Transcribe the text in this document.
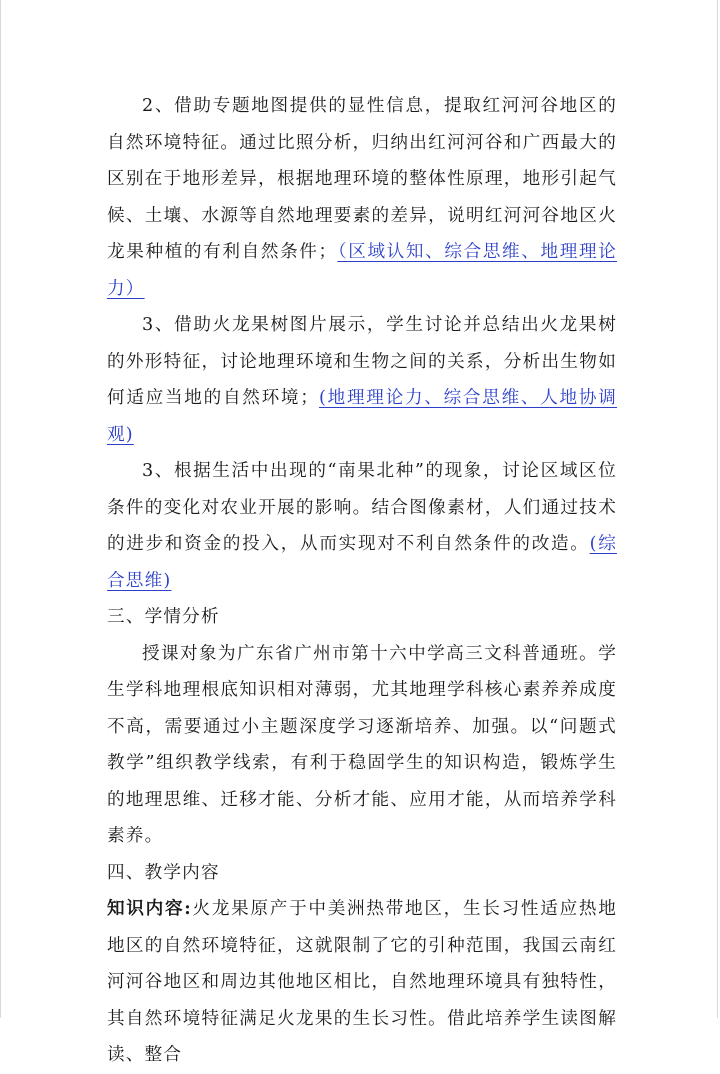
2、借助专题地图提供的显性信息，提取红河河谷地区的自然环境特征。通过比照分析，归纳出红河河谷和广西最大的区别在于地形差异，根据地理环境的整体性原理，地形引起气候、土壤、水源等自然地理要素的差异，说明红河河谷地区火龙果种植的有利自然条件；（区域认知、综合思维、地理理论力）

3、借助火龙果树图片展示，学生讨论并总结出火龙果树的外形特征，讨论地理环境和生物之间的关系，分析出生物如何适应当地的自然环境；(地理理论力、综合思维、人地协调观)

3、根据生活中出现的“南果北种”的现象，讨论区域区位条件的变化对农业开展的影响。结合图像素材，人们通过技术的进步和资金的投入，从而实现对不利自然条件的改造。(综合思维)

三、学情分析

授课对象为广东省广州市第十六中学高三文科普通班。学生学科地理根底知识相对薄弱，尤其地理学科核心素养养成度不高，需要通过小主题深度学习逐渐培养、加强。以“问题式教学”组织教学线索，有利于稳固学生的知识构造，锻炼学生的地理思维、迁移才能、分析才能、应用才能，从而培养学科素养。

四、教学内容

知识内容:火龙果原产于中美洲热带地区，生长习性适应热地地区的自然环境特征，这就限制了它的引种范围，我国云南红河河谷地区和周边其他地区相比，自然地理环境具有独特性，其自然环境特征满足火龙果的生长习性。借此培养学生读图解读、整合
